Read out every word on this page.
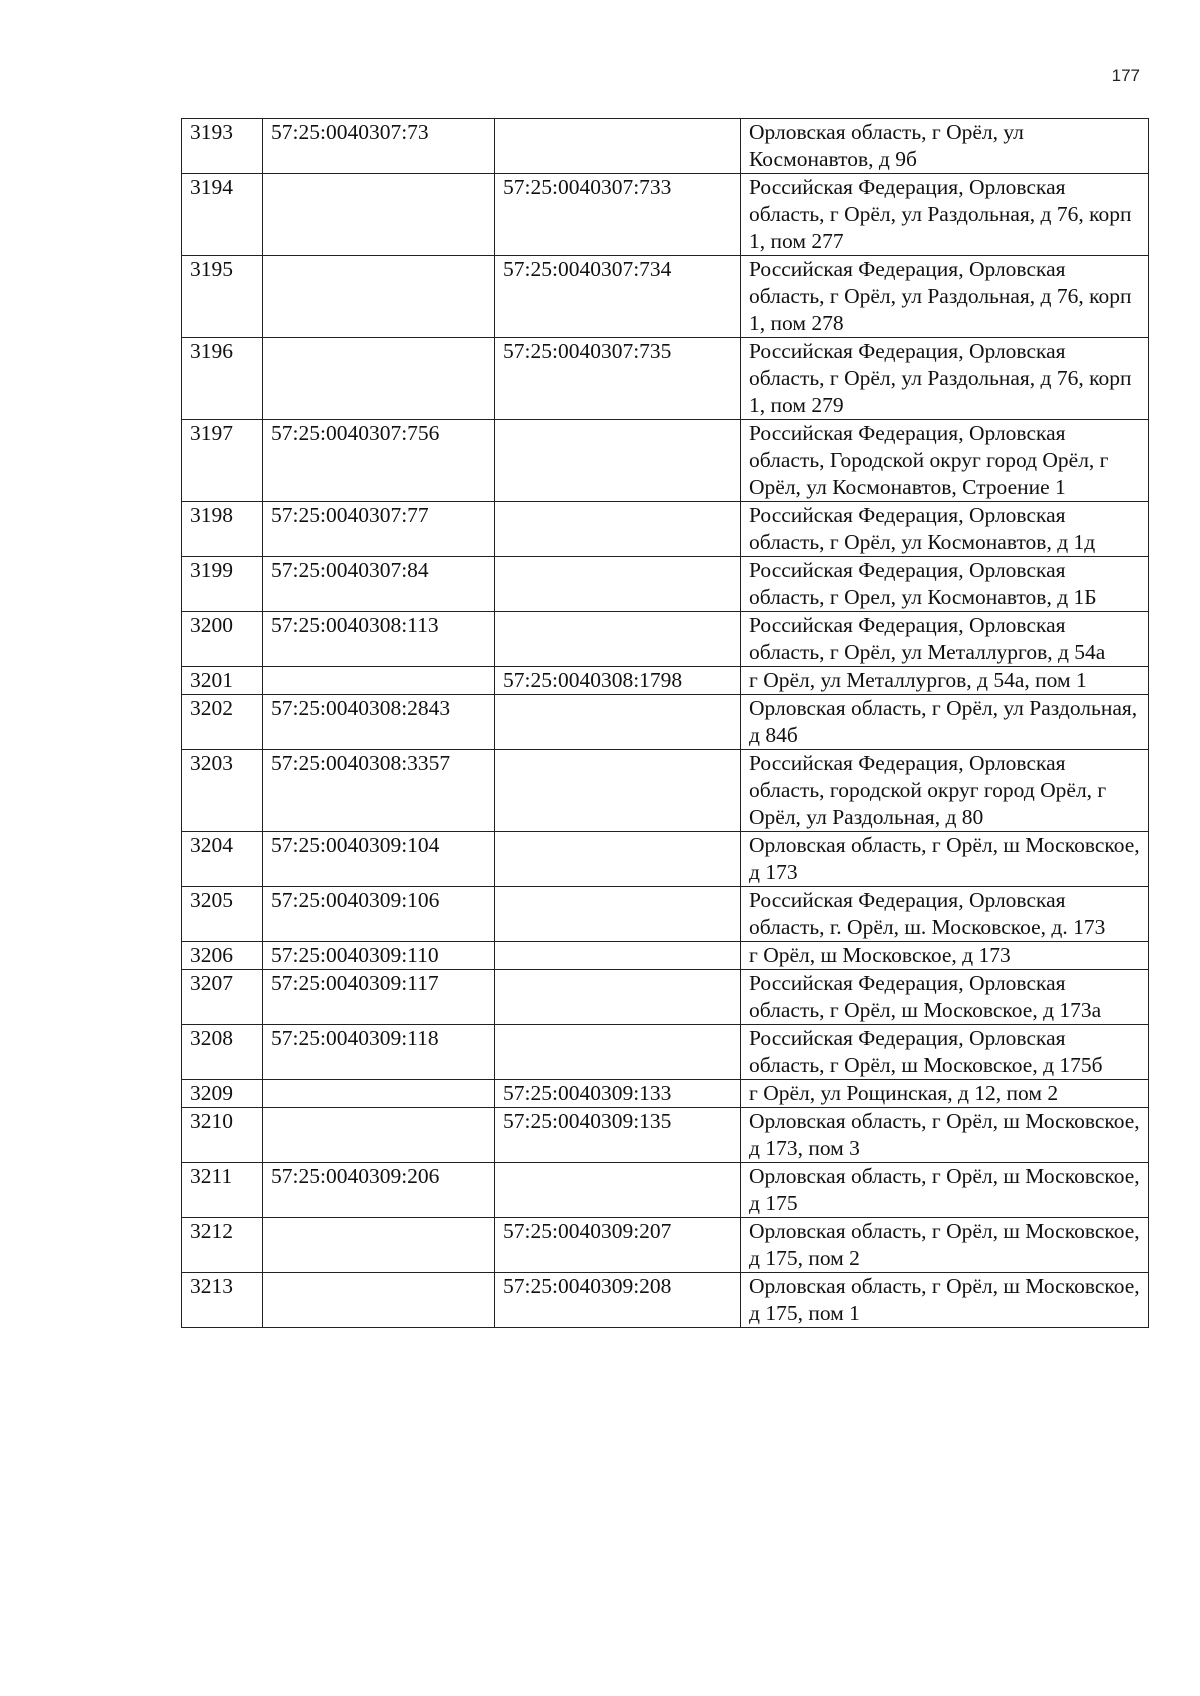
177
3193	57:25:0040307:73		Орловская область, г Орёл, ул Космонавтов, д 9б
3194		57:25:0040307:733	Российская Федерация, Орловская область, г Орёл, ул Раздольная, д 76, корп 1, пом 277
3195		57:25:0040307:734	Российская Федерация, Орловская область, г Орёл, ул Раздольная, д 76, корп 1, пом 278
3196		57:25:0040307:735	Российская Федерация, Орловская область, г Орёл, ул Раздольная, д 76, корп 1, пом 279
3197	57:25:0040307:756		Российская Федерация, Орловская область, Городской округ город Орёл, г Орёл, ул Космонавтов, Строение 1
3198	57:25:0040307:77		Российская Федерация, Орловская область, г Орёл, ул Космонавтов, д 1д
3199	57:25:0040307:84		Российская Федерация, Орловская область, г Орел, ул Космонавтов, д 1Б
3200	57:25:0040308:113		Российская Федерация, Орловская область, г Орёл, ул Металлургов, д 54а
3201		57:25:0040308:1798	г Орёл, ул Металлургов, д 54а, пом 1
3202	57:25:0040308:2843		Орловская область, г Орёл, ул Раздольная, д 84б
3203	57:25:0040308:3357		Российская Федерация, Орловская область, городской округ город Орёл, г Орёл, ул Раздольная, д 80
3204	57:25:0040309:104		Орловская область, г Орёл, ш Московское, д 173
3205	57:25:0040309:106		Российская Федерация, Орловская область, г. Орёл, ш. Московское, д. 173
3206	57:25:0040309:110		г Орёл, ш Московское, д 173
3207	57:25:0040309:117		Российская Федерация, Орловская область, г Орёл, ш Московское, д 173а
3208	57:25:0040309:118		Российская Федерация, Орловская область, г Орёл, ш Московское, д 175б
3209		57:25:0040309:133	г Орёл, ул Рощинская, д 12, пом 2
3210		57:25:0040309:135	Орловская область, г Орёл, ш Московское, д 173, пом 3
3211	57:25:0040309:206		Орловская область, г Орёл, ш Московское, д 175
3212		57:25:0040309:207	Орловская область, г Орёл, ш Московское, д 175, пом 2
3213		57:25:0040309:208	Орловская область, г Орёл, ш Московское, д 175, пом 1
